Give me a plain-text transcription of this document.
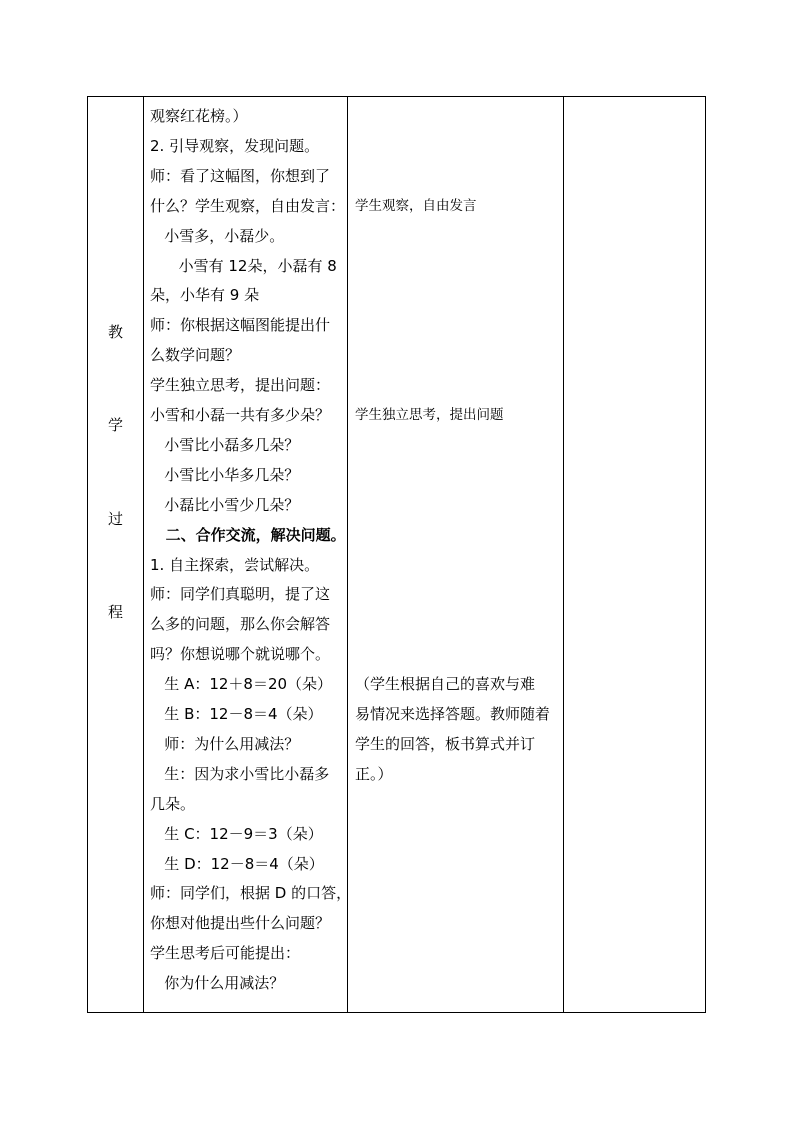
教
学
过
程
观察红花榜。）
2. 引导观察，发现问题。
师：看了这幅图，你想到了
什么？学生观察，自由发言：
小雪多，小磊少。
小雪有 12朵，小磊有 8
朵，小华有 9 朵
师：你根据这幅图能提出什
么数学问题？
学生独立思考，提出问题：
小雪和小磊一共有多少朵？
小雪比小磊多几朵？
小雪比小华多几朵？
小磊比小雪少几朵？
二、合作交流，解决问题。
1. 自主探索，尝试解决。
师：同学们真聪明，提了这
么多的问题，那么你会解答
吗？你想说哪个就说哪个。
生 A：12＋8＝20（朵）
生 B：12－8＝4（朵）
师：为什么用减法？
生：因为求小雪比小磊多
几朵。
生 C：12－9＝3（朵）
生 D：12－8＝4（朵）
师：同学们，根据 D 的口答，
你想对他提出些什么问题？
学生思考后可能提出：
你为什么用减法？
学生观察，自由发言
学生独立思考，提出问题
（学生根据自己的喜欢与难
易情况来选择答题。教师随着
学生的回答，板书算式并订
正。）
